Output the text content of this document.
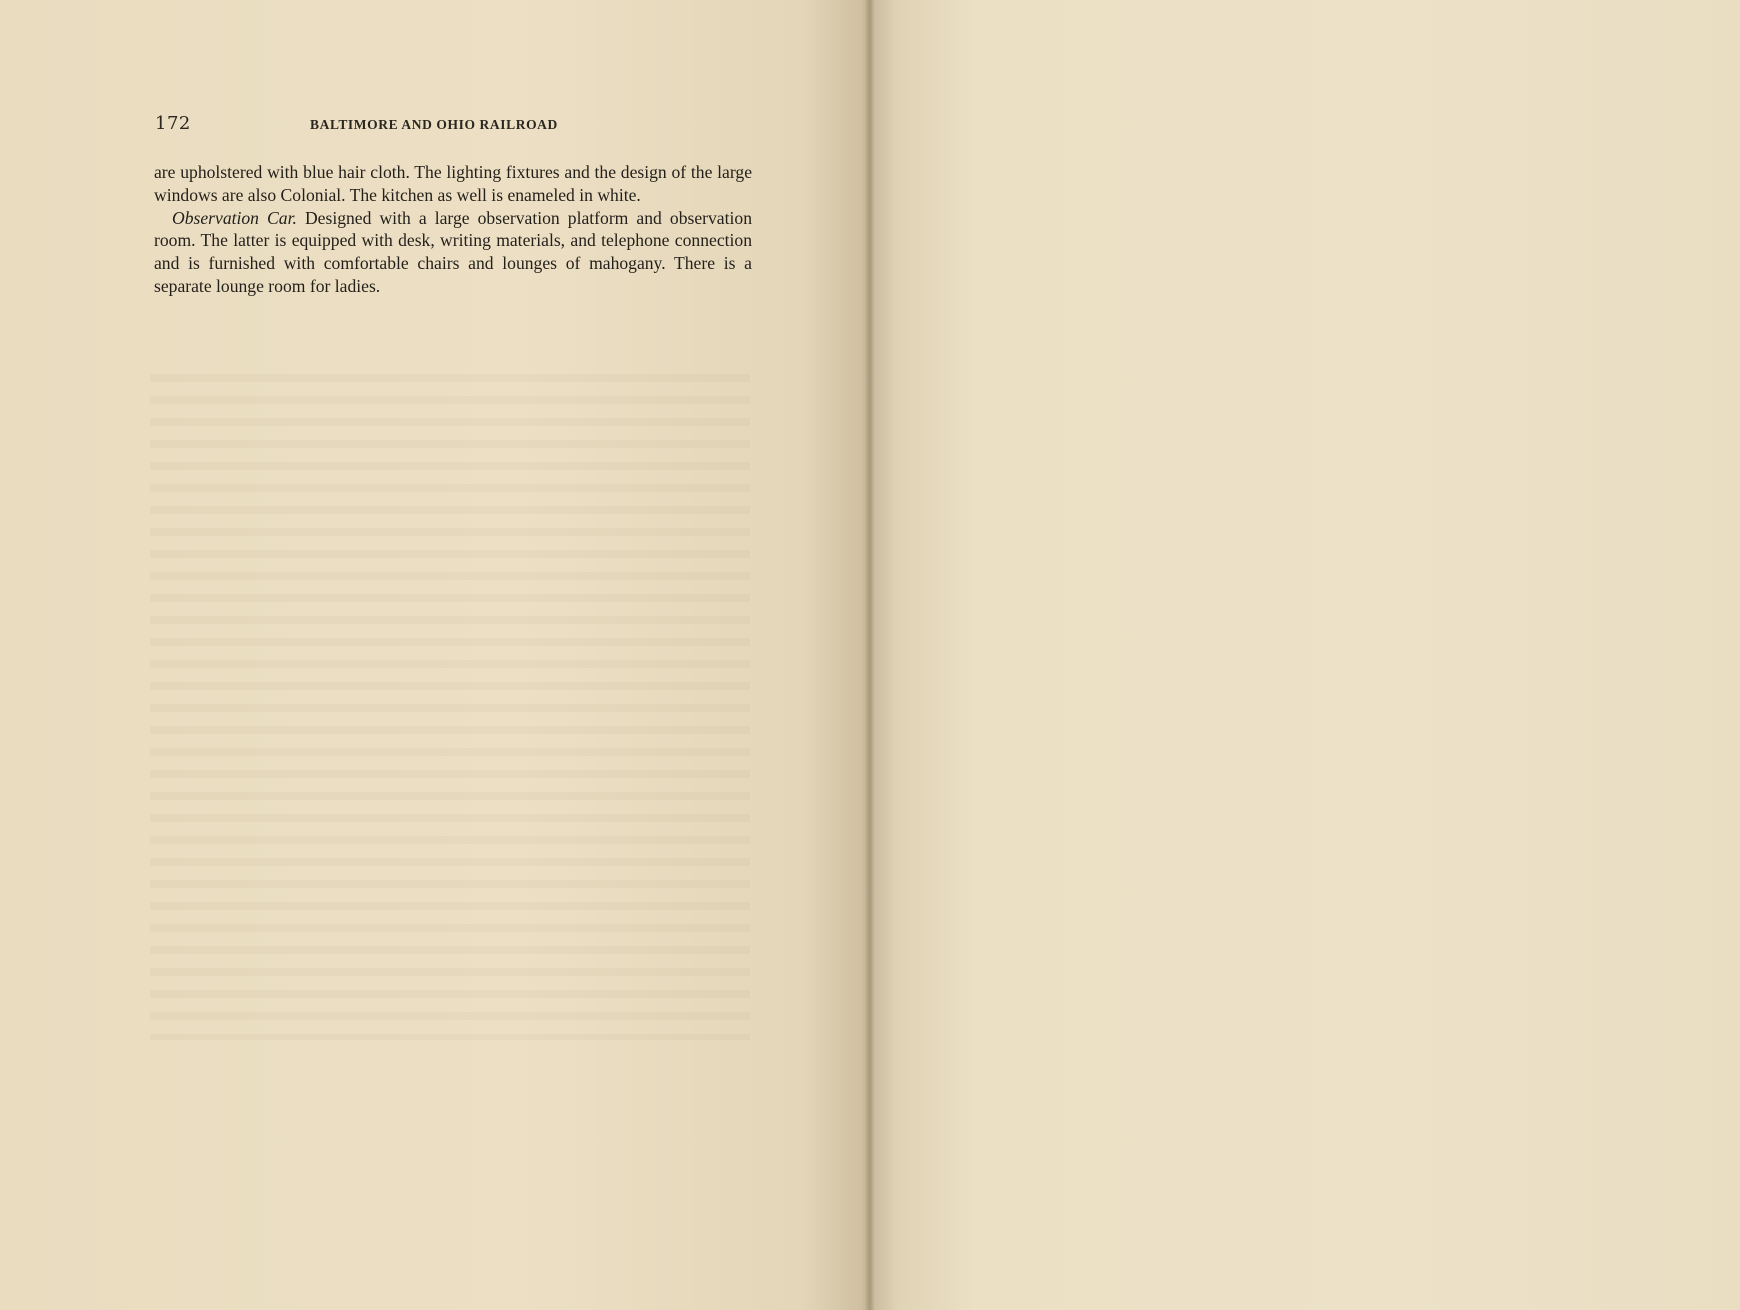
172	BALTIMORE AND OHIO RAILROAD

are upholstered with blue hair cloth. The lighting fixtures and the design of the large windows are also Colonial. The kitchen as well is enameled in white.

Observation Car. Designed with a large observation platform and observation room. The latter is equipped with desk, writing materials, and telephone connection and is furnished with comfortable chairs and lounges of mahogany. There is a separate lounge room for ladies.
